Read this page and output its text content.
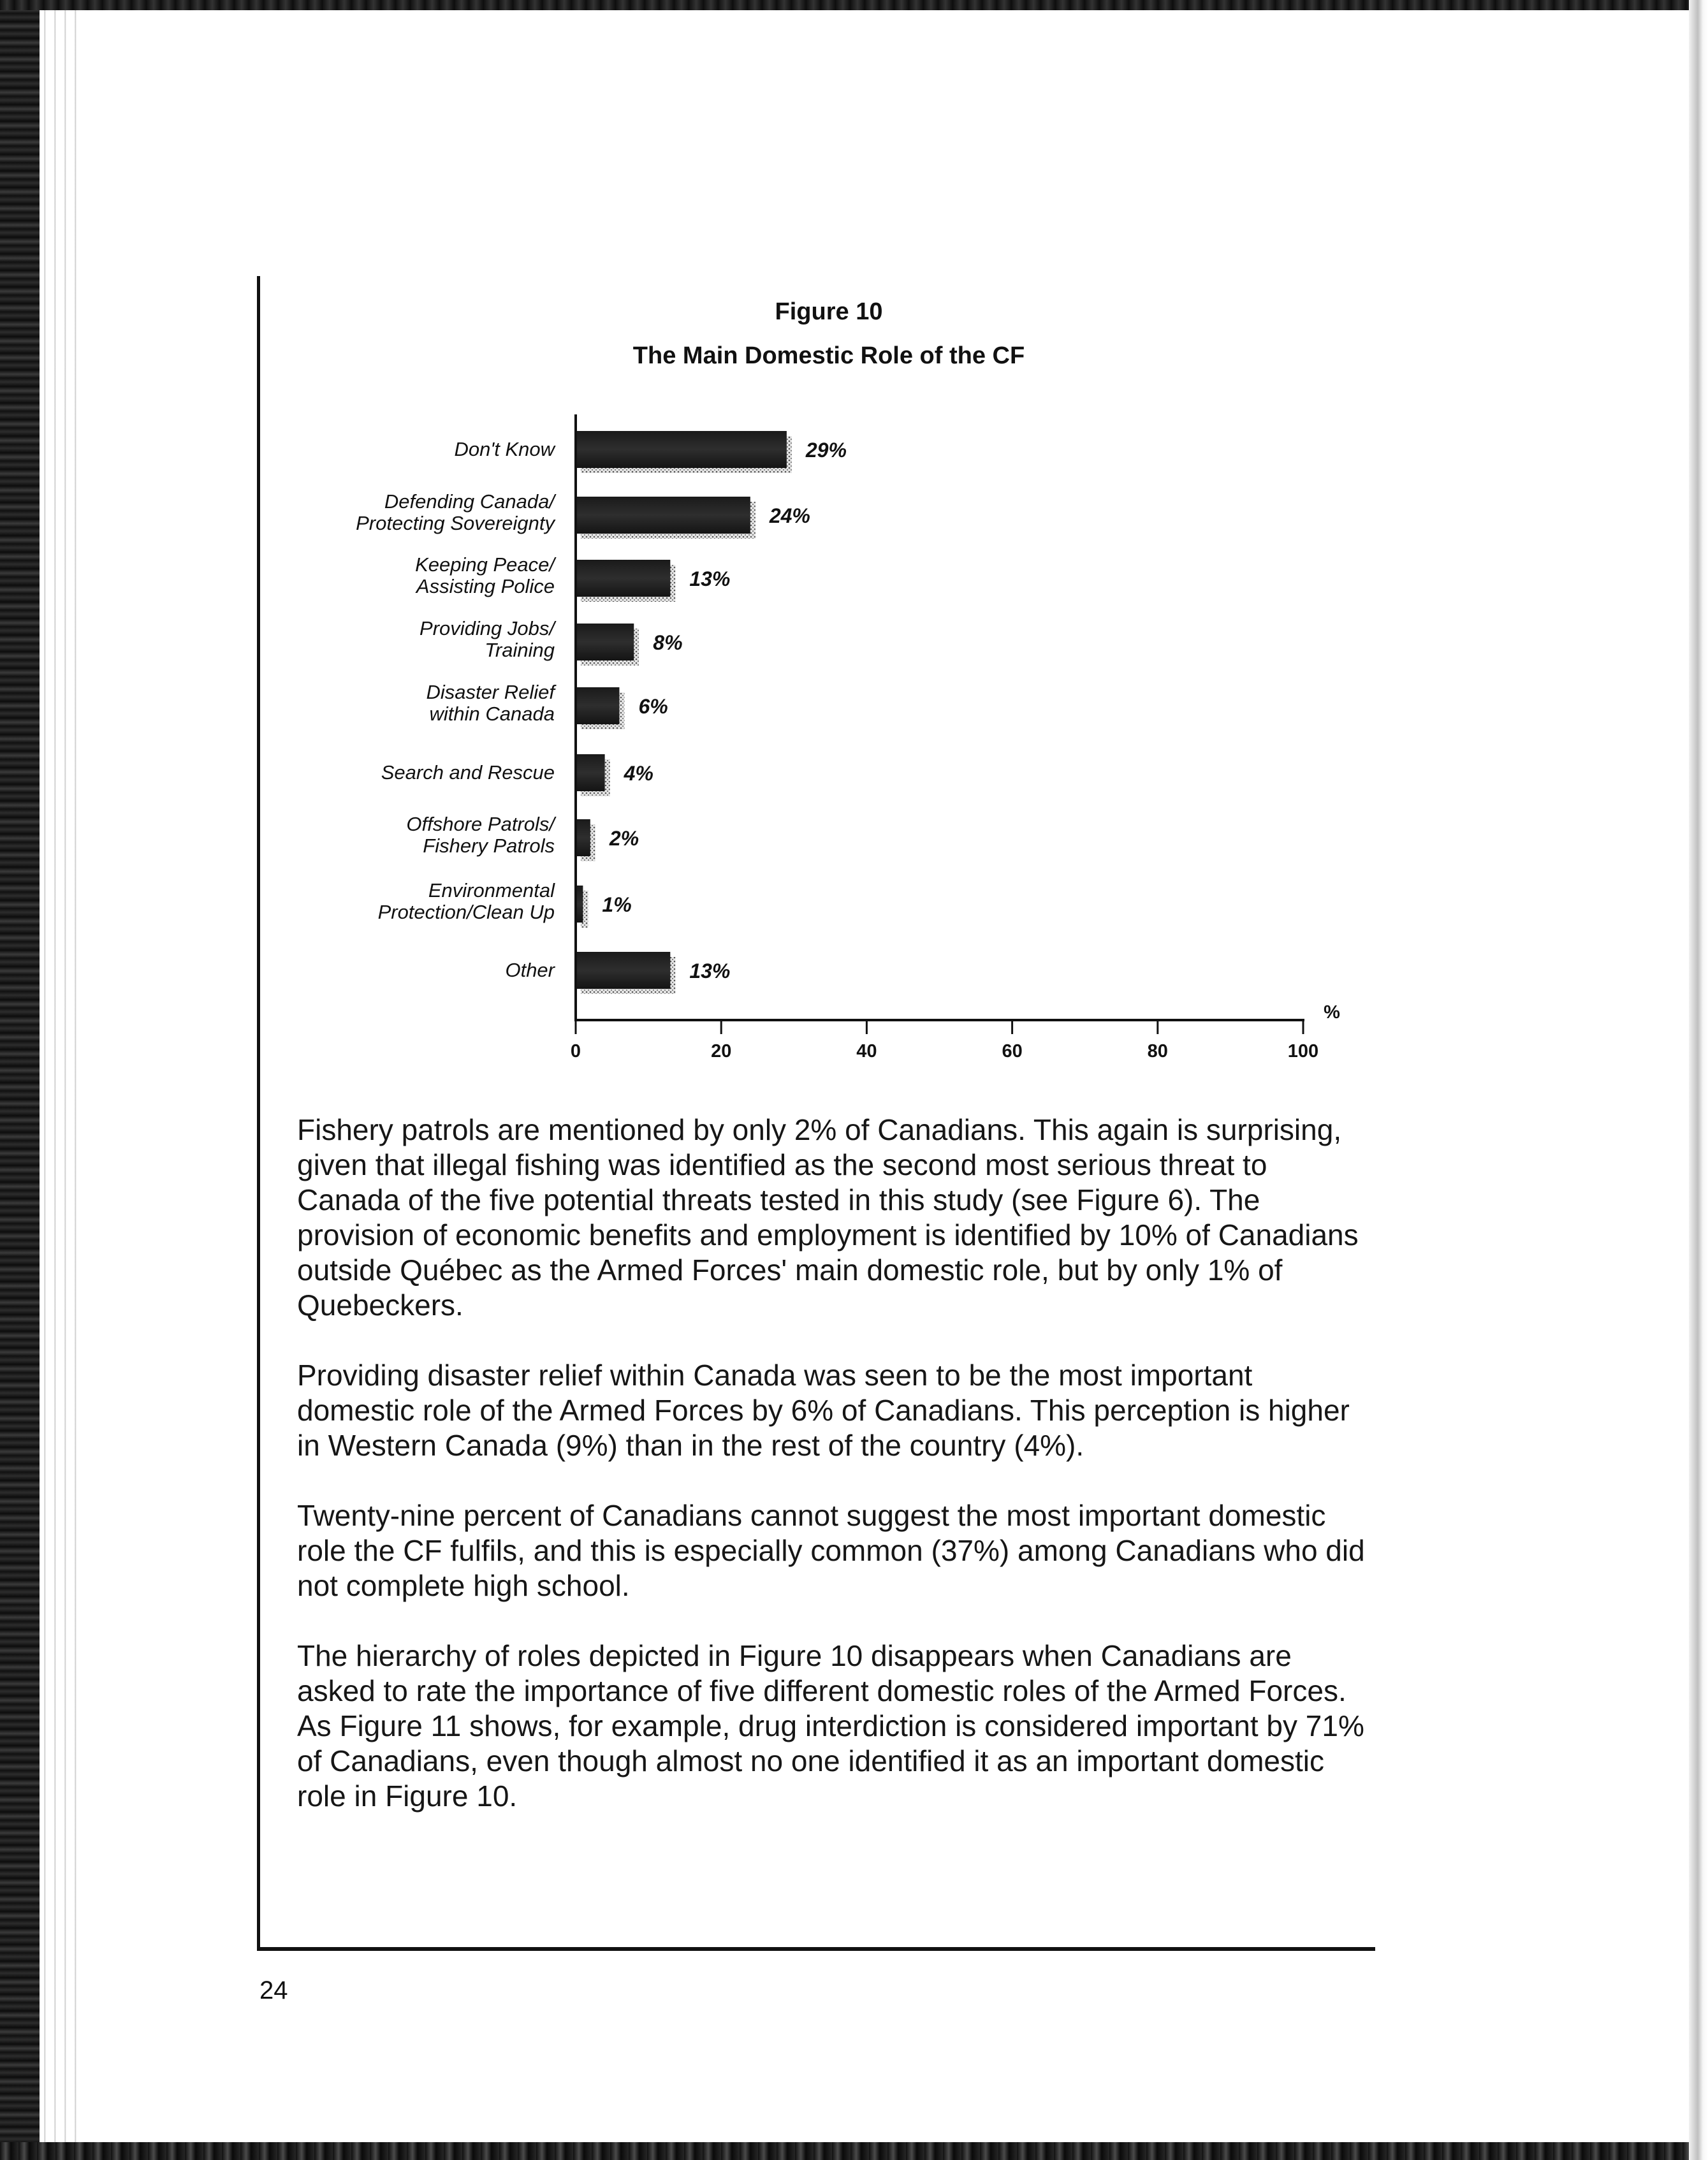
Figure 10
The Main Domestic Role of the CF
29%
Don't Know
24%
Defending Canada/
Protecting Sovereignty
13%
Keeping Peace/
Assisting Police
8%
Providing Jobs/
Training
6%
Disaster Relief
within Canada
4%
Search and Rescue
2%
Offshore Patrols/
Fishery Patrols
1%
Environmental
Protection/Clean Up
13%
Other
0	20	40	60	80	100
%

Fishery patrols are mentioned by only 2% of Canadians. This again is surprising,
given that illegal fishing was identified as the second most serious threat to
Canada of the five potential threats tested in this study (see Figure 6). The
provision of economic benefits and employment is identified by 10% of Canadians
outside Québec as the Armed Forces' main domestic role, but by only 1% of
Quebeckers.

Providing disaster relief within Canada was seen to be the most important
domestic role of the Armed Forces by 6% of Canadians. This perception is higher
in Western Canada (9%) than in the rest of the country (4%).

Twenty-nine percent of Canadians cannot suggest the most important domestic
role the CF fulfils, and this is especially common (37%) among Canadians who did
not complete high school.

The hierarchy of roles depicted in Figure 10 disappears when Canadians are
asked to rate the importance of five different domestic roles of the Armed Forces.
As Figure 11 shows, for example, drug interdiction is considered important by 71%
of Canadians, even though almost no one identified it as an important domestic
role in Figure 10.

24
